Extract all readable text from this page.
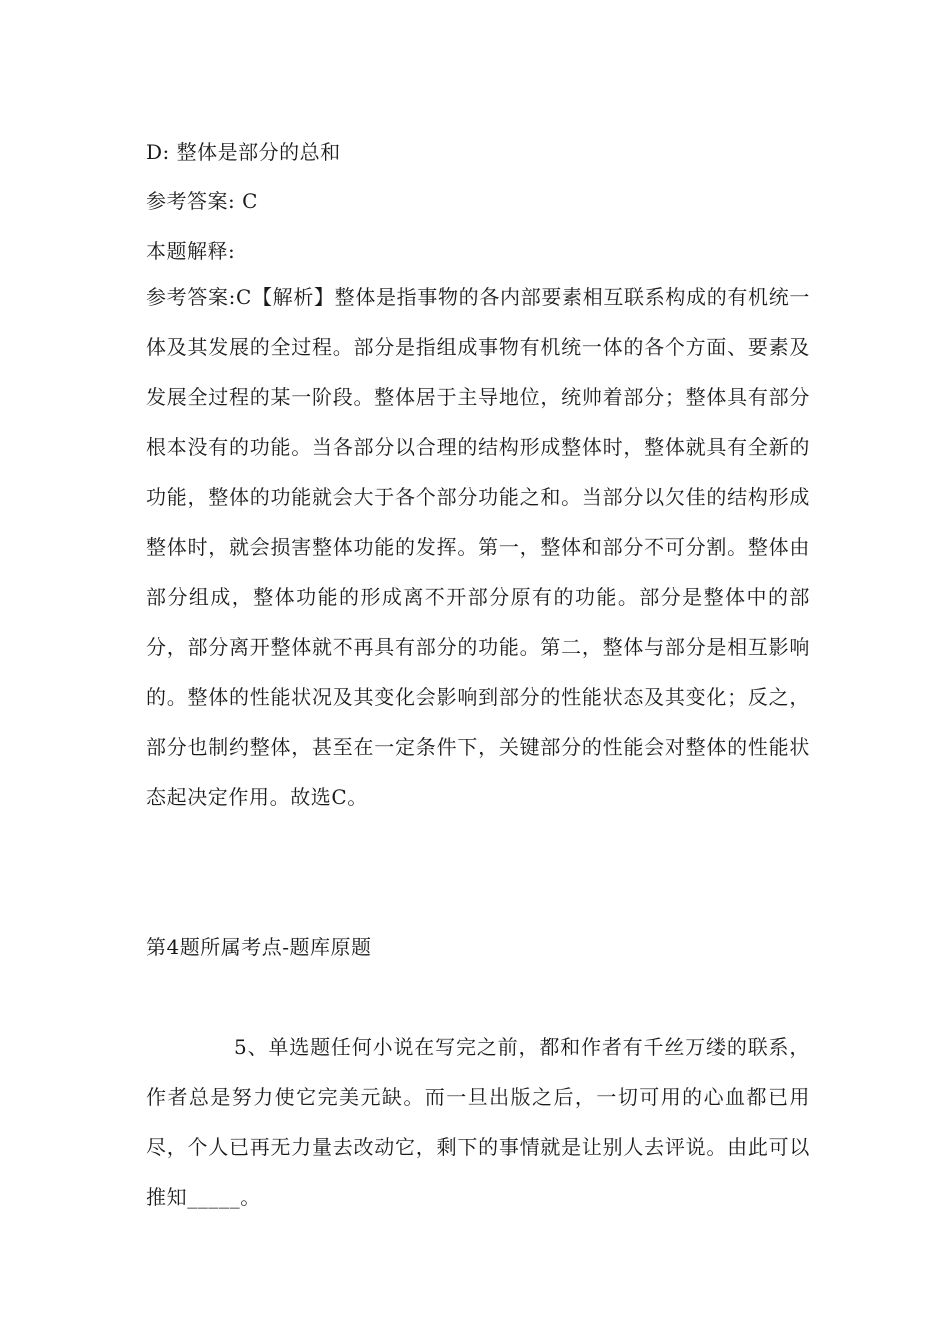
D: 整体是部分的总和
参考答案: C
本题解释:
参考答案:C【解析】整体是指事物的各内部要素相互联系构成的有机统一体及其发展的全过程。部分是指组成事物有机统一体的各个方面、要素及发展全过程的某一阶段。整体居于主导地位，统帅着部分；整体具有部分根本没有的功能。当各部分以合理的结构形成整体时，整体就具有全新的功能，整体的功能就会大于各个部分功能之和。当部分以欠佳的结构形成整体时，就会损害整体功能的发挥。第一，整体和部分不可分割。整体由部分组成，整体功能的形成离不开部分原有的功能。部分是整体中的部分，部分离开整体就不再具有部分的功能。第二，整体与部分是相互影响的。整体的性能状况及其变化会影响到部分的性能状态及其变化；反之，部分也制约整体，甚至在一定条件下，关键部分的性能会对整体的性能状态起决定作用。故选C。
第4题所属考点-题库原题
5、单选题任何小说在写完之前，都和作者有千丝万缕的联系，作者总是努力使它完美元缺。而一旦出版之后，一切可用的心血都已用尽，个人已再无力量去改动它，剩下的事情就是让别人去评说。由此可以推知_____。
